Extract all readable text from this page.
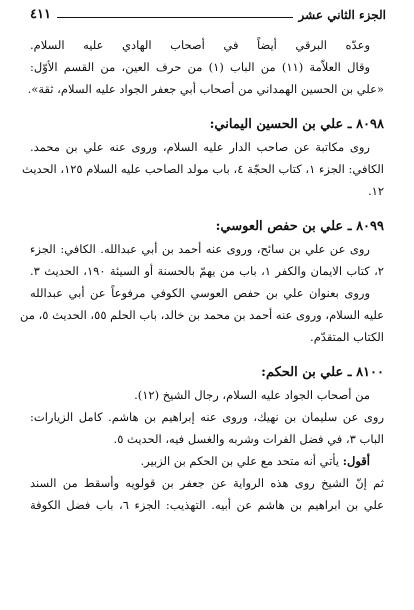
الجزء الثاني عشر
٤١١
وعدّه البرقي أيضاً في أصحاب الهادي عليه السلام.
وقال العلاّمة (١١) من الباب (١) من حرف العين، من القسم الأوّل:
«علي بن الحسين الهمداني من أصحاب أبي جعفر الجواد عليه السلام، ثقة».
٨٠٩٨ ـ علي بن الحسين اليماني:
روى مكاتبة عن صاحب الدار عليه السلام، وروى عنه علي بن محمد.
الكافي: الجزء ١، كتاب الحجّة ٤، باب مولد الصاحب عليه السلام ١٢٥، الحديث
١٢.
٨٠٩٩ ـ علي بن حفص العوسي:
روى عن علي بن سائح، وروى عنه أحمد بن أبي عبدالله. الكافي: الجزء
٢، كتاب الايمان والكفر ١، باب من يهمّ بالحسنة أو السيئة ١٩٠، الحديث ٣.
وروى بعنوان علي بن حفص العوسي الكوفي مرفوعاً عن أبي عبدالله
عليه السلام، وروى عنه أحمد بن محمد بن خالد، باب الحلم ٥٥، الحديث ٥، من
الكتاب المتقدّم.
٨١٠٠ ـ علي بن الحكم:
من أصحاب الجواد عليه السلام، رجال الشيخ (١٢).
روى عن سليمان بن نهيك، وروى عنه إبراهيم بن هاشم. كامل الزيارات:
الباب ٣، في فضل الفرات وشربه والغسل فيه، الحديث ٥.
أقول: يأتي أنه متحد مع علي بن الحكم بن الزبير.
ثم إنّ الشيخ روى هذه الرواية عن جعفر بن قولويه وأسقط من السند
علي بن ابراهيم بن هاشم عن أبيه. التهذيب: الجزء ٦، باب فضل الكوفة
